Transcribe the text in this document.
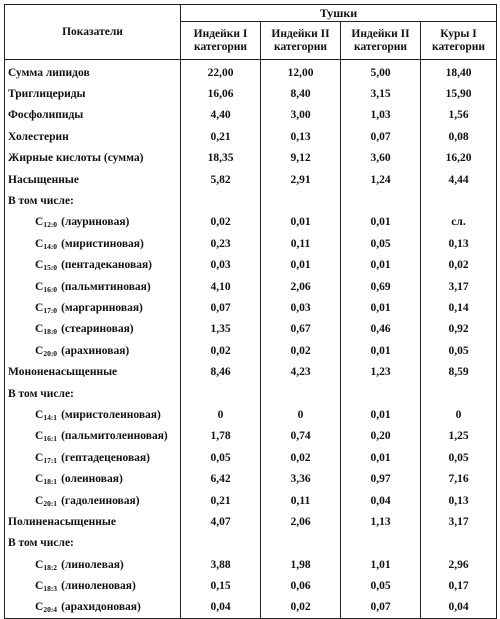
Показатели	Тушки			
	Индейки I категории	Индейки II категории	Индейки II категории	Куры I категории
Сумма липидов	22,00	12,00	5,00	18,40
Триглицериды	16,06	8,40	3,15	15,90
Фосфолипиды	4,40	3,00	1,03	1,56
Холестерин	0,21	0,13	0,07	0,08
Жирные кислоты (сумма)	18,35	9,12	3,60	16,20
Насыщенные	5,82	2,91	1,24	4,44
В том числе:				
$C_{12:0}$ (лауриновая)	0,02	0,01	0,01	сл.
$C_{14:0}$ (миристиновая)	0,23	0,11	0,05	0,13
$C_{15:0}$ (пентадекановая)	0,03	0,01	0,01	0,02
$C_{16:0}$ (пальмитиновая)	4,10	2,06	0,69	3,17
$C_{17:0}$ (маргариновая)	0,07	0,03	0,01	0,14
$C_{18:0}$ (стеариновая)	1,35	0,67	0,46	0,92
$C_{20:0}$ (арахиновая)	0,02	0,02	0,01	0,05
Мононенасыщенные	8,46	4,23	1,23	8,59
В том числе:				
$C_{14:1}$ (миристолеиновая)	0	0	0,01	0
$C_{16:1}$ (пальмитолеиновая)	1,78	0,74	0,20	1,25
$C_{17:1}$ (гептадеценовая)	0,05	0,02	0,01	0,05
$C_{18:1}$ (олеиновая)	6,42	3,36	0,97	7,16
$C_{20:1}$ (гадолеиновая)	0,21	0,11	0,04	0,13
Полиненасыщенные	4,07	2,06	1,13	3,17
В том числе:				
$C_{18:2}$ (линолевая)	3,88	1,98	1,01	2,96
$C_{18:3}$ (линоленовая)	0,15	0,06	0,05	0,17
$C_{20:4}$ (арахидоновая)	0,04	0,02	0,07	0,04
